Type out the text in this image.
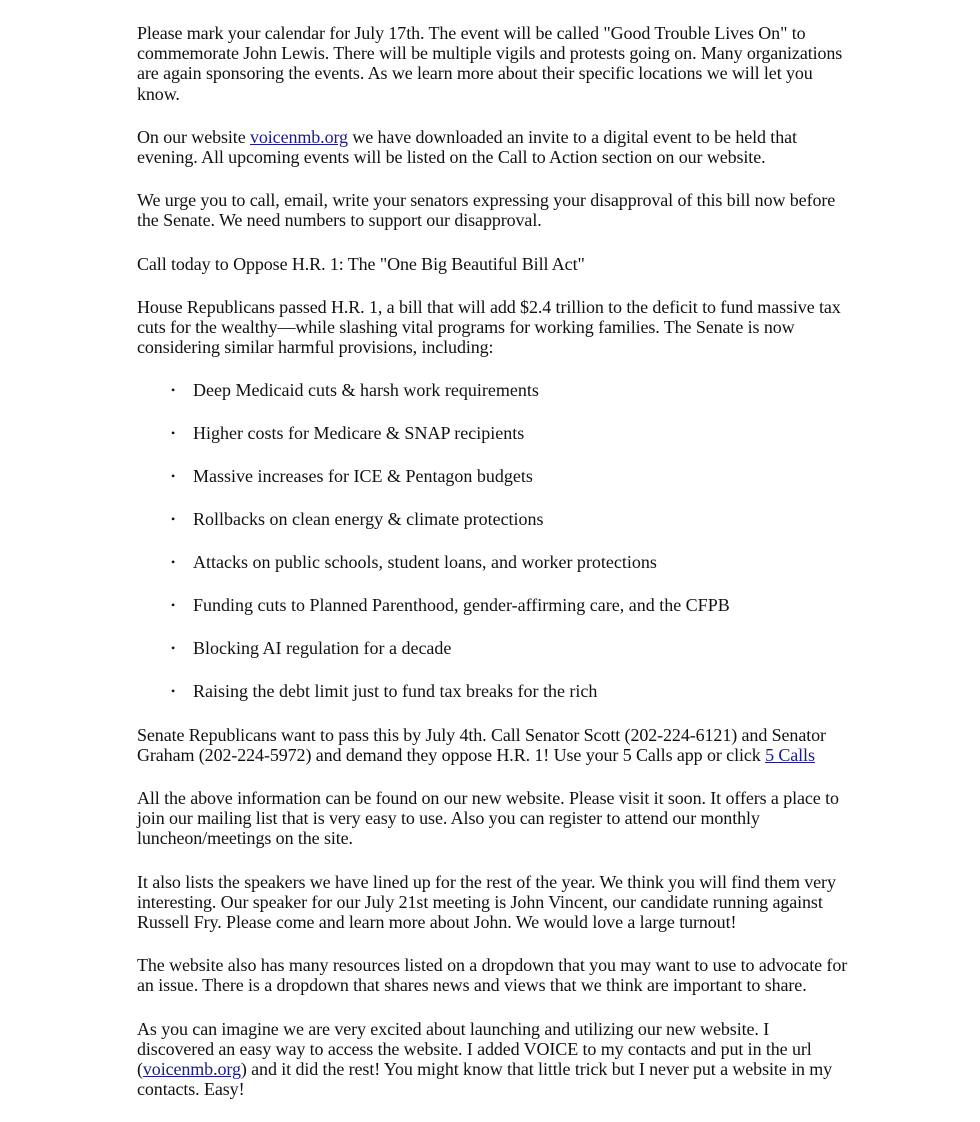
Please mark your calendar for July 17th. The event will be called "Good Trouble Lives On" to commemorate John Lewis. There will be multiple vigils and protests going on. Many organizations are again sponsoring the events. As we learn more about their specific locations we will let you know.

On our website voicenmb.org we have downloaded an invite to a digital event to be held that evening. All upcoming events will be listed on the Call to Action section on our website.

We urge you to call, email, write your senators expressing your disapproval of this bill now before the Senate. We need numbers to support our disapproval.

Call today to Oppose H.R. 1: The "One Big Beautiful Bill Act"

House Republicans passed H.R. 1, a bill that will add $2.4 trillion to the deficit to fund massive tax cuts for the wealthy—while slashing vital programs for working families. The Senate is now considering similar harmful provisions, including:

• Deep Medicaid cuts & harsh work requirements
• Higher costs for Medicare & SNAP recipients
• Massive increases for ICE & Pentagon budgets
• Rollbacks on clean energy & climate protections
• Attacks on public schools, student loans, and worker protections
• Funding cuts to Planned Parenthood, gender-affirming care, and the CFPB
• Blocking AI regulation for a decade
• Raising the debt limit just to fund tax breaks for the rich

Senate Republicans want to pass this by July 4th. Call Senator Scott (202-224-6121) and Senator Graham (202-224-5972) and demand they oppose H.R. 1! Use your 5 Calls app or click 5 Calls

All the above information can be found on our new website. Please visit it soon. It offers a place to join our mailing list that is very easy to use. Also you can register to attend our monthly luncheon/meetings on the site.

It also lists the speakers we have lined up for the rest of the year. We think you will find them very interesting. Our speaker for our July 21st meeting is John Vincent, our candidate running against Russell Fry. Please come and learn more about John. We would love a large turnout!

The website also has many resources listed on a dropdown that you may want to use to advocate for an issue. There is a dropdown that shares news and views that we think are important to share.

As you can imagine we are very excited about launching and utilizing our new website. I discovered an easy way to access the website. I added VOICE to my contacts and put in the url (voicenmb.org) and it did the rest! You might know that little trick but I never put a website in my contacts. Easy!
